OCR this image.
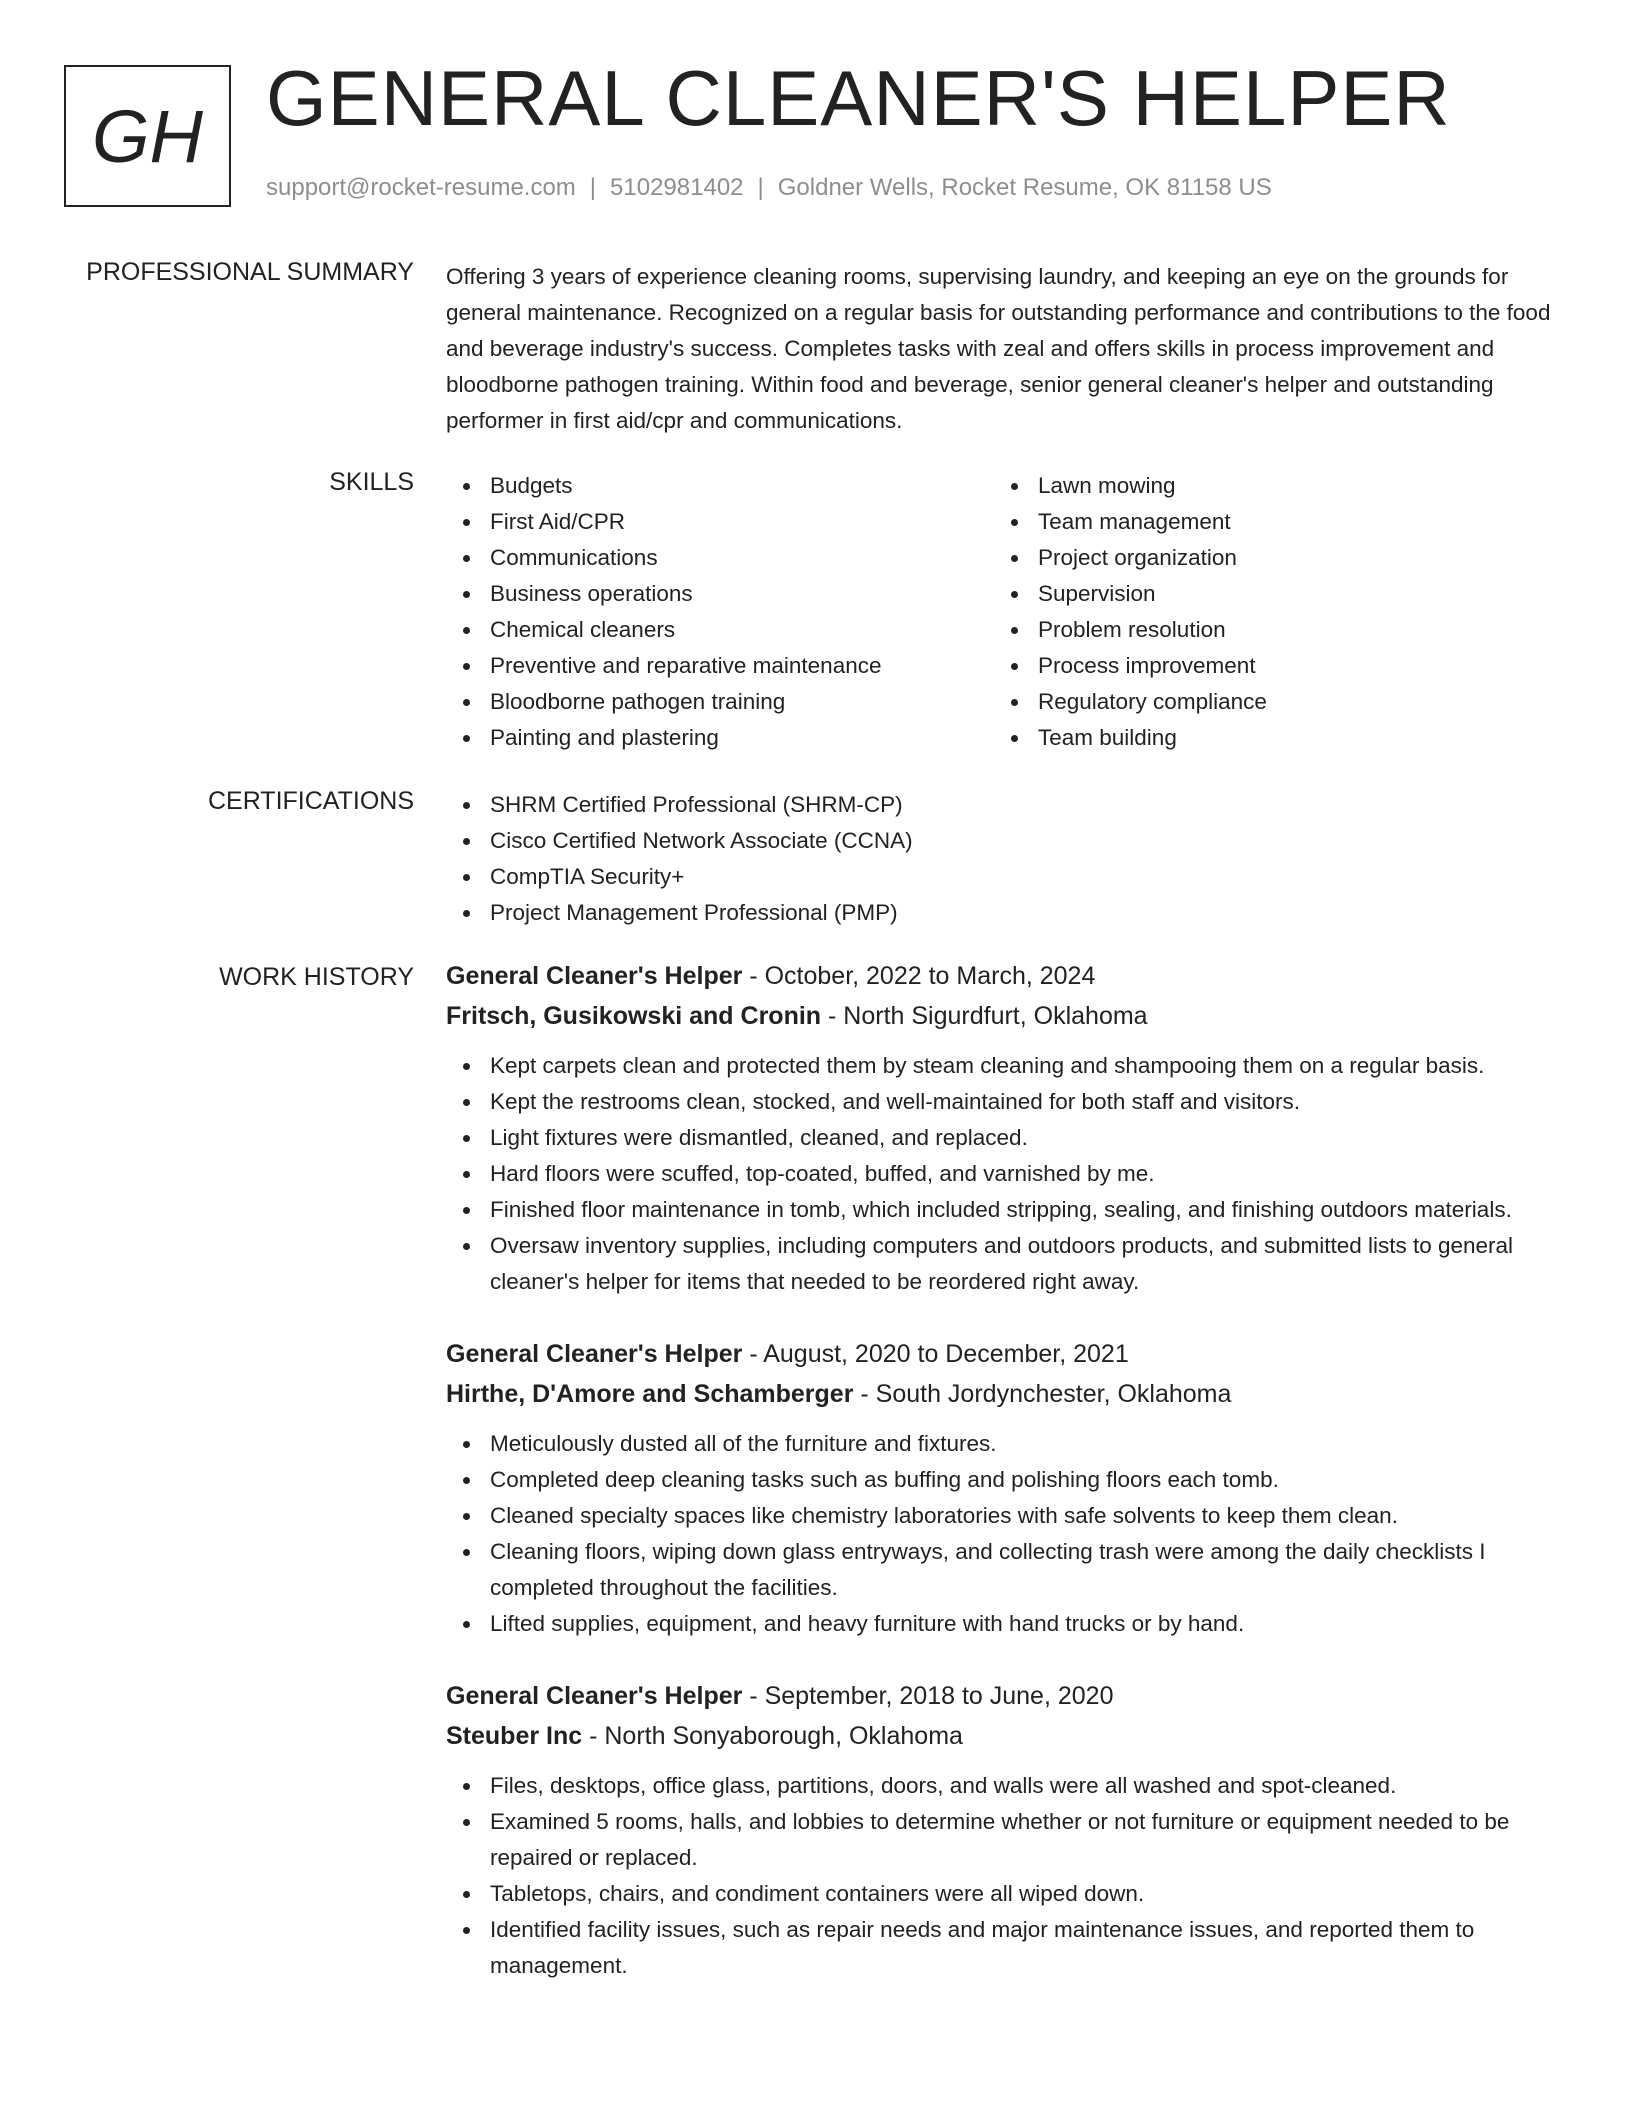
GH GENERAL CLEANER'S HELPER
support@rocket-resume.com | 5102981402 | Goldner Wells, Rocket Resume, OK 81158 US
PROFESSIONAL SUMMARY Offering 3 years of experience cleaning rooms, supervising laundry, and keeping an eye on the grounds for general maintenance. Recognized on a regular basis for outstanding performance and contributions to the food and beverage industry's success. Completes tasks with zeal and offers skills in process improvement and bloodborne pathogen training. Within food and beverage, senior general cleaner's helper and outstanding performer in first aid/cpr and communications.

SKILLS	Budgets
First Aid/CPR
Communications
Business operations
Chemical cleaners
Preventive and reparative maintenance
Bloodborne pathogen training
Painting and plastering
Lawn mowing
Team management
Project organization
Supervision
Problem resolution
Process improvement
Regulatory compliance
Team building
CERTIFICATIONS	SHRM Certified Professional (SHRM-CP)
Cisco Certified Network Associate (CCNA)
CompTIA Security+
Project Management Professional (PMP)
WORK HISTORY General Cleaner's Helper - October, 2022 to March, 2024
Fritsch, Gusikowski and Cronin - North Sigurdfurt, Oklahoma
Kept carpets clean and protected them by steam cleaning and shampooing them on a regular basis.
Kept the restrooms clean, stocked, and well-maintained for both staff and visitors.
Light fixtures were dismantled, cleaned, and replaced.
Hard floors were scuffed, top-coated, buffed, and varnished by me.
Finished floor maintenance in tomb, which included stripping, sealing, and finishing outdoors materials.
Oversaw inventory supplies, including computers and outdoors products, and submitted lists to general cleaner's helper for items that needed to be reordered right away.
General Cleaner's Helper - August, 2020 to December, 2021
Hirthe, D'Amore and Schamberger - South Jordynchester, Oklahoma
Meticulously dusted all of the furniture and fixtures.
Completed deep cleaning tasks such as buffing and polishing floors each tomb.
Cleaned specialty spaces like chemistry laboratories with safe solvents to keep them clean.
Cleaning floors, wiping down glass entryways, and collecting trash were among the daily checklists I completed throughout the facilities.
Lifted supplies, equipment, and heavy furniture with hand trucks or by hand.
General Cleaner's Helper - September, 2018 to June, 2020
Steuber Inc - North Sonyaborough, Oklahoma
Files, desktops, office glass, partitions, doors, and walls were all washed and spot-cleaned.
Examined 5 rooms, halls, and lobbies to determine whether or not furniture or equipment needed to be repaired or replaced.
Tabletops, chairs, and condiment containers were all wiped down.
Identified facility issues, such as repair needs and major maintenance issues, and reported them to management.
